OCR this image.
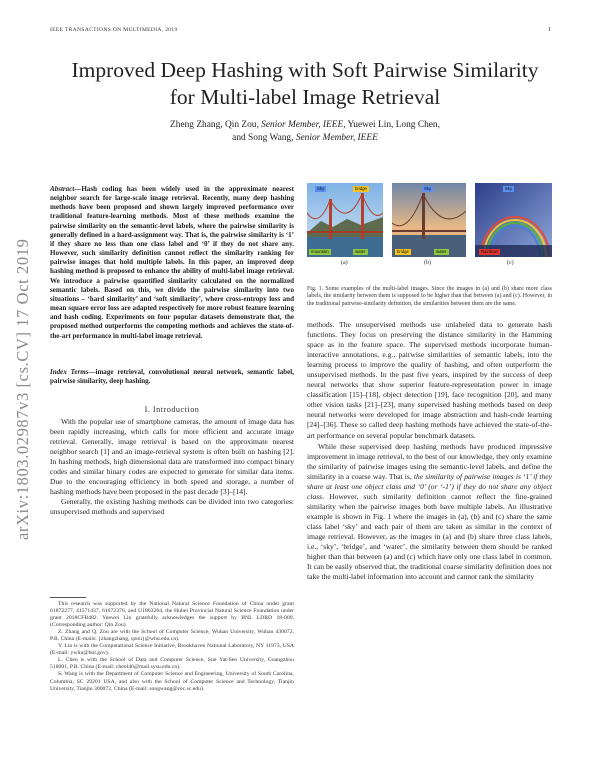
IEEE TRANSACTIONS ON MULTIMEDIA, 2019	1
arXiv:1803.02987v3 [cs.CV] 17 Oct 2019
Improved Deep Hashing with Soft Pairwise Similarity for Multi-label Image Retrieval
Zheng Zhang, Qin Zou, Senior Member, IEEE, Yuewei Lin, Long Chen,
and Song Wang, Senior Member, IEEE
Abstract—Hash coding has been widely used in the approximate nearest neighbor search for large-scale image retrieval. Recently, many deep hashing methods have been proposed and shown largely improved performance over traditional feature-learning methods. Most of these methods examine the pairwise similarity on the semantic-level labels, where the pairwise similarity is generally defined in a hard-assignment way. That is, the pairwise similarity is ‘1’ if they share no less than one class label and ‘0’ if they do not share any. However, such similarity definition cannot reflect the similarity ranking for pairwise images that hold multiple labels. In this paper, an improved deep hashing method is proposed to enhance the ability of multi-label image retrieval. We introduce a pairwise quantified similarity calculated on the normalized semantic labels. Based on this, we divide the pairwise similarity into two situations – ‘hard similarity’ and ‘soft similarity’, where cross-entropy loss and mean square error loss are adapted respectively for more robust feature learning and hash coding. Experiments on four popular datasets demonstrate that, the proposed method outperforms the competing methods and achieves the state-of-the-art performance in multi-label image retrieval.
Index Terms—image retrieval, convolutional neural network, semantic label, pairwise similarity, deep hashing.
I. Introduction

With the popular use of smartphone cameras, the amount of image data has been rapidly increasing, which calls for more efficient and accurate image retrieval. Generally, image retrieval is based on the approximate nearest neighbor search [1] and an image-retrieval system is often built on hashing [2]. In hashing methods, high dimensional data are transformed into compact binary codes and similar binary codes are expected to generate for similar data items. Due to the encouraging efficiency in both speed and storage, a number of hashing methods have been proposed in the past decade [3]–[14].

Generally, the existing hashing methods can be divided into two categories: unsupervised methods and supervised

This research was supported by the National Natural Science Foundation of China under grant 61872277, 41571437, 61672376, and U1803264, the Hubei Provincial Natural Science Foundation under grant 2018CFB482. Yuewei Lin gratefully acknowledges the support by BNL LDRD 18-009. (Corresponding author: Qin Zou)

Z. Zhang and Q. Zou are with the School of Computer Science, Wuhan University, Wuhan 430072, P.R. China (E-mails: {zhangzhang, qzou}@whu.edu.cn).

Y. Lin is with the Computational Science Initiative, Brookhaven National Laboratory, NY 11973, USA (E-mail: ywlin@bnl.gov).

L. Chen is with the School of Data and Computer Science, Sun Yat-Sen University, Guangzhou 518001, P.R. China (E-mail: chenl46@mail.sysu.edu.cn).

S. Wang is with the Department of Computer Science and Engineering, University of South Carolina, Columbia, SC 29201 USA, and also with the School of Computer Science and Technology, Tianjin University, Tianjin 300072, China (E-mail: songwang@cec.sc.edu).

Sky	bridge
mountain	water
(a)
Sky
bridge	water
(b)
Sky
Rainbow
(c)
Fig. 1. Some examples of the multi-label images. Since the images in (a) and (b) share more class labels, the similarity between them is supposed to be higher than that between (a) and (c). However, in the traditional pairwise-similarity definition, the similarities between them are the same.

methods. The unsupervised methods use unlabeled data to generate hash functions. They focus on preserving the distance similarity in the Hamming space as in the feature space. The supervised methods incorporate human-interactive annotations, e.g., pairwise similarities of semantic labels, into the learning process to improve the quality of hashing, and often outperform the unsupervised methods. In the past five years, inspired by the success of deep neural networks that show superior feature-representation power in image classification [15]–[18], object detection [19], face recognition [20], and many other vision tasks [21]–[23], many supervised hashing methods based on deep neural networks were developed for image abstraction and hash-code learning [24]–[36]. These so called deep hashing methods have achieved the state-of-the-art performance on several popular benchmark datasets.

While these supervised deep hashing methods have produced impressive improvement in image retrieval, to the best of our knowledge, they only examine the similarity of pairwise images using the semantic-level labels, and define the similarity in a coarse way. That is, the similarity of pairwise images is ‘1’ if they share at least one object class and ‘0’ (or ‘-1’) if they do not share any object class. However, such similarity definition cannot reflect the fine-grained similarity when the pairwise images both have multiple labels. An illustrative example is shown in Fig. 1 where the images in (a), (b) and (c) share the same class label ‘sky’ and each pair of them are taken as similar in the context of image retrieval. However, as the images in (a) and (b) share three class labels, i.e., ‘sky’, ‘bridge’, and ‘water’, the similarity between them should be ranked higher than that between (a) and (c) which have only one class label in common. It can be easily observed that, the traditional coarse similarity definition does not take the multi-label information into account and cannot rank the similarity
